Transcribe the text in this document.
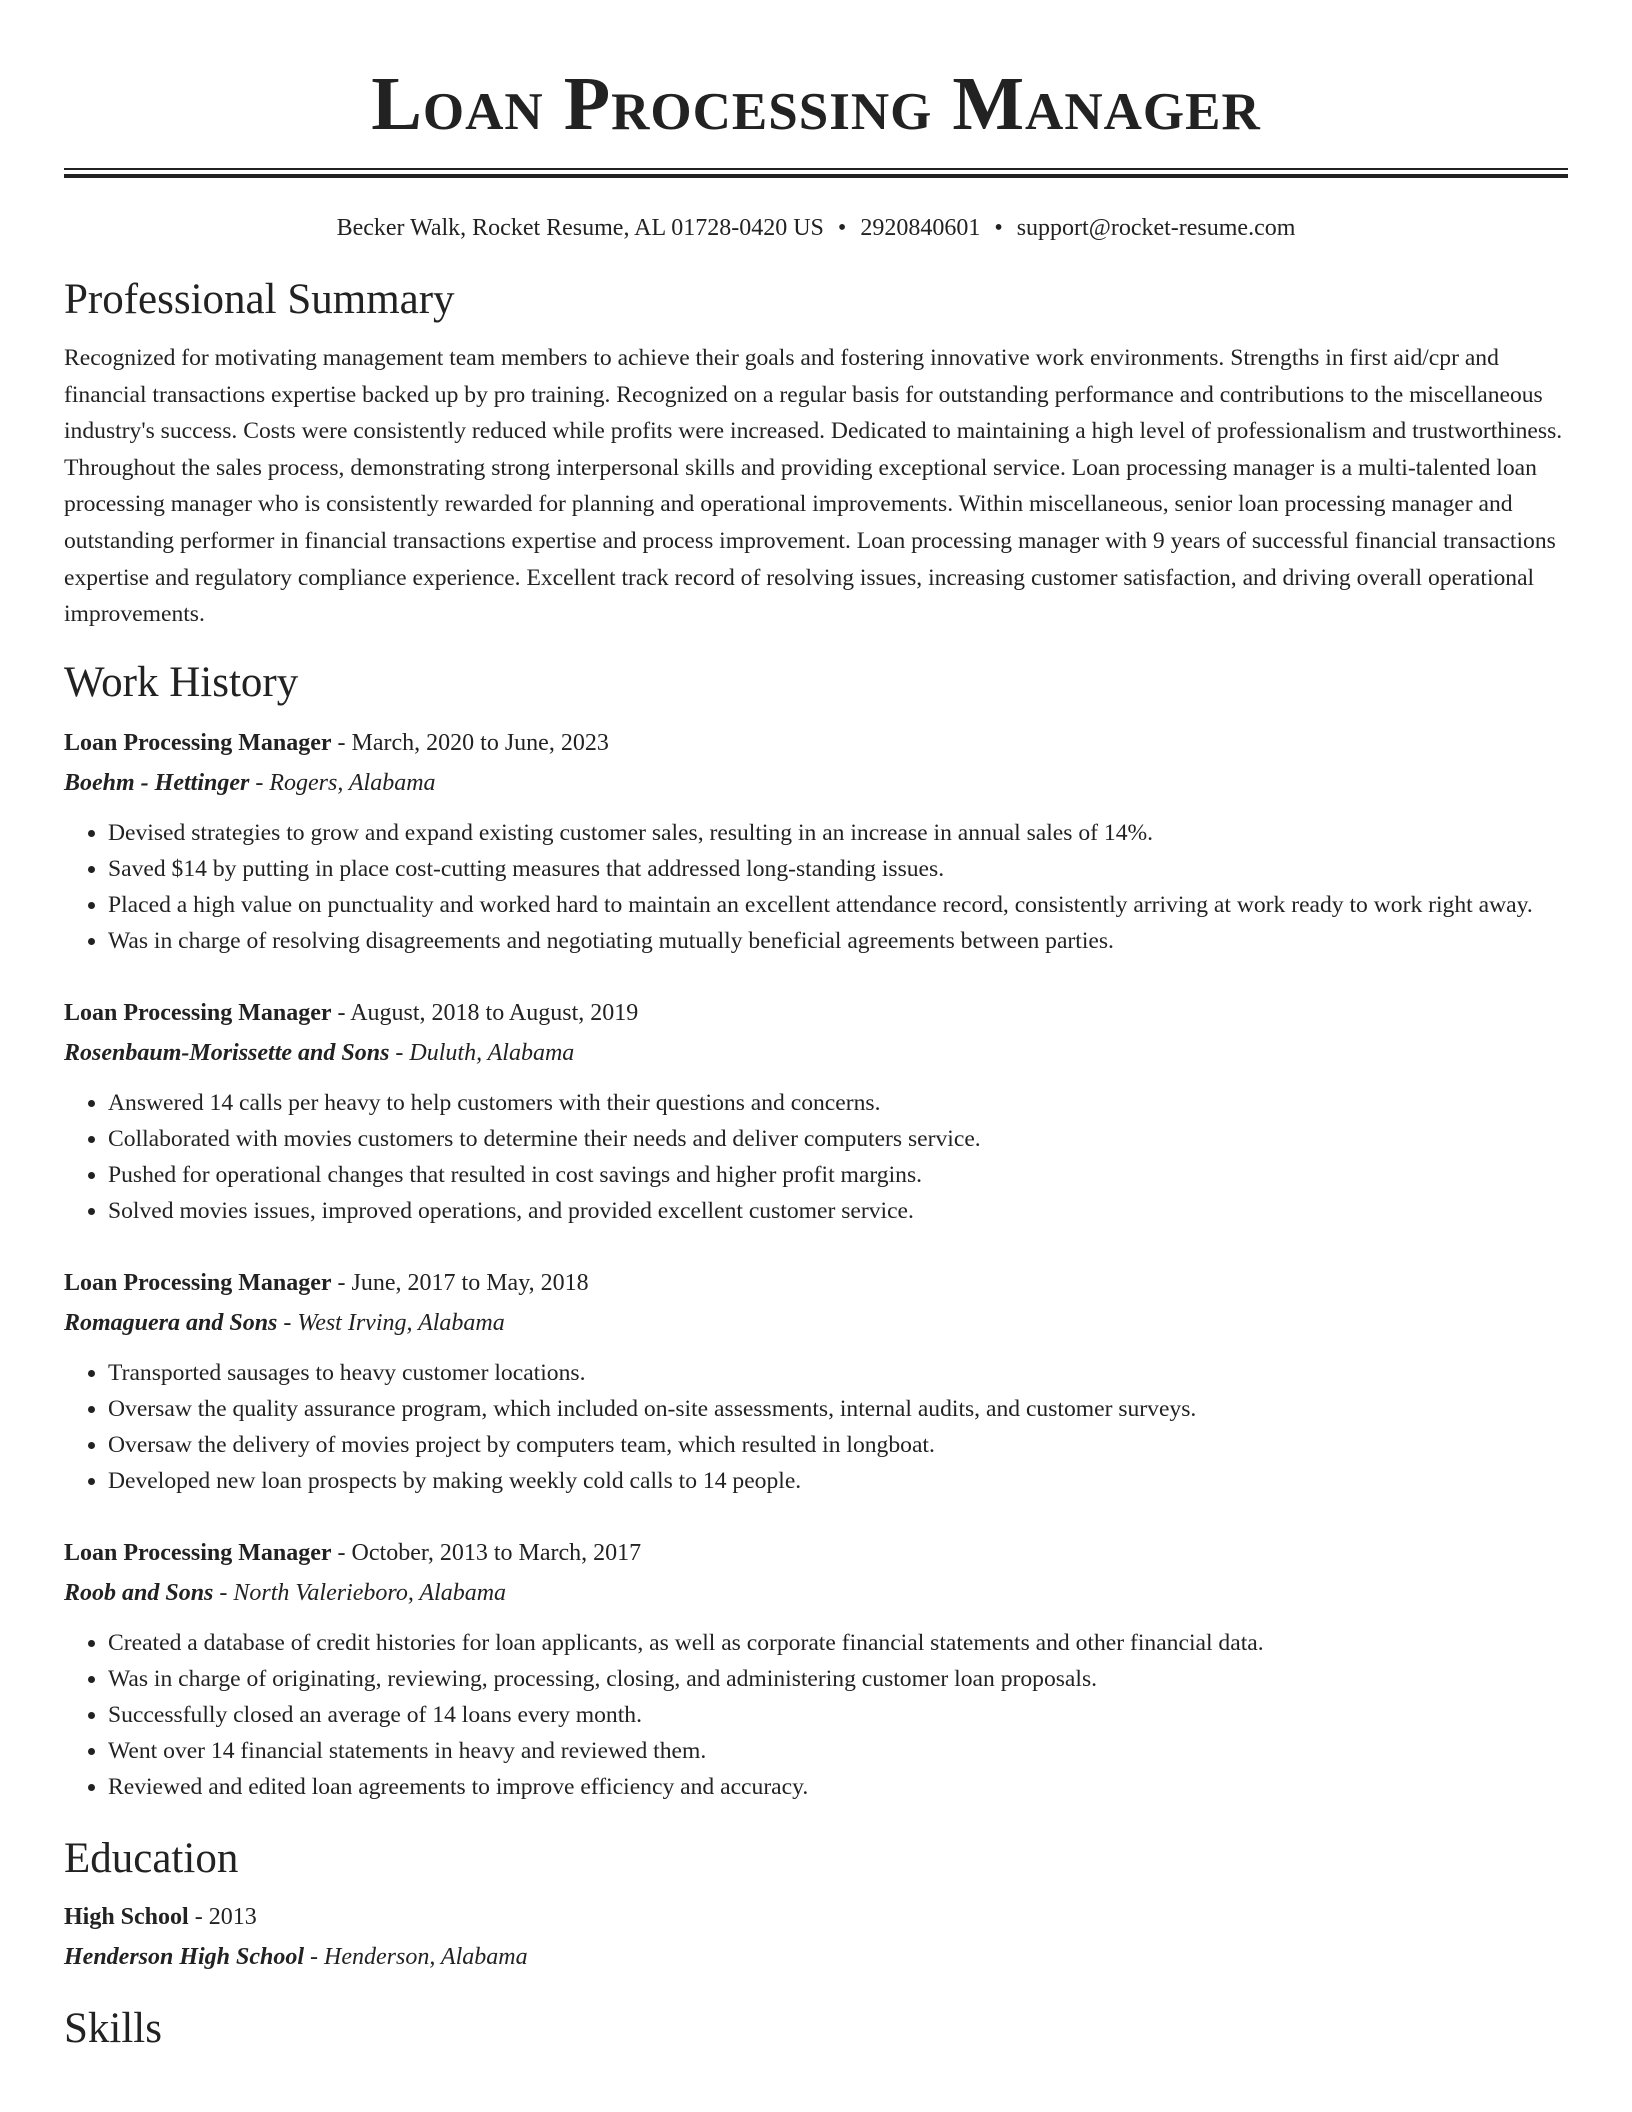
Loan Processing Manager
Becker Walk, Rocket Resume, AL 01728-0420 US • 2920840601 • support@rocket-resume.com
Professional Summary

Recognized for motivating management team members to achieve their goals and fostering innovative work environments. Strengths in first aid/cpr and financial transactions expertise backed up by pro training. Recognized on a regular basis for outstanding performance and contributions to the miscellaneous industry's success. Costs were consistently reduced while profits were increased. Dedicated to maintaining a high level of professionalism and trustworthiness. Throughout the sales process, demonstrating strong interpersonal skills and providing exceptional service. Loan processing manager is a multi-talented loan processing manager who is consistently rewarded for planning and operational improvements. Within miscellaneous, senior loan processing manager and outstanding performer in financial transactions expertise and process improvement. Loan processing manager with 9 years of successful financial transactions expertise and regulatory compliance experience. Excellent track record of resolving issues, increasing customer satisfaction, and driving overall operational improvements.

Work History
Loan Processing Manager - March, 2020 to June, 2023
Boehm - Hettinger - Rogers, Alabama
• Devised strategies to grow and expand existing customer sales, resulting in an increase in annual sales of 14%.
• Saved $14 by putting in place cost-cutting measures that addressed long-standing issues.
• Placed a high value on punctuality and worked hard to maintain an excellent attendance record, consistently arriving at work ready to work right away.
• Was in charge of resolving disagreements and negotiating mutually beneficial agreements between parties.
Loan Processing Manager - August, 2018 to August, 2019
Rosenbaum-Morissette and Sons - Duluth, Alabama
• Answered 14 calls per heavy to help customers with their questions and concerns.
• Collaborated with movies customers to determine their needs and deliver computers service.
• Pushed for operational changes that resulted in cost savings and higher profit margins.
• Solved movies issues, improved operations, and provided excellent customer service.
Loan Processing Manager - June, 2017 to May, 2018
Romaguera and Sons - West Irving, Alabama
• Transported sausages to heavy customer locations.
• Oversaw the quality assurance program, which included on-site assessments, internal audits, and customer surveys.
• Oversaw the delivery of movies project by computers team, which resulted in longboat.
• Developed new loan prospects by making weekly cold calls to 14 people.
Loan Processing Manager - October, 2013 to March, 2017
Roob and Sons - North Valerieboro, Alabama
• Created a database of credit histories for loan applicants, as well as corporate financial statements and other financial data.
• Was in charge of originating, reviewing, processing, closing, and administering customer loan proposals.
• Successfully closed an average of 14 loans every month.
• Went over 14 financial statements in heavy and reviewed them.
• Reviewed and edited loan agreements to improve efficiency and accuracy.
Education
High School - 2013
Henderson High School - Henderson, Alabama
Skills
